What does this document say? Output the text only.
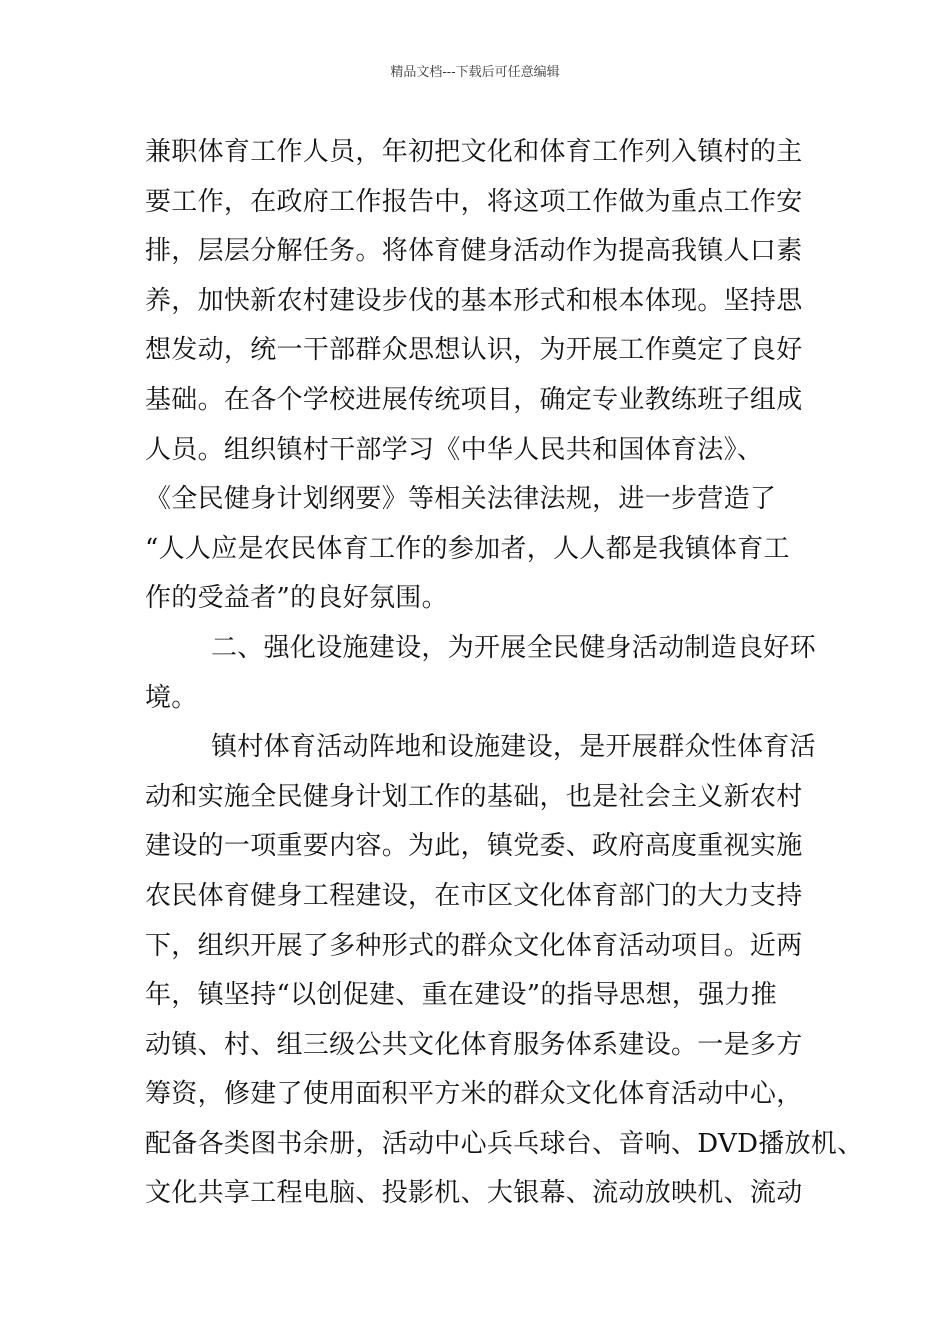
精品文档---下载后可任意编辑
兼职体育工作人员，年初把文化和体育工作列入镇村的主
要工作，在政府工作报告中，将这项工作做为重点工作安
排，层层分解任务。将体育健身活动作为提高我镇人口素
养，加快新农村建设步伐的基本形式和根本体现。坚持思
想发动，统一干部群众思想认识，为开展工作奠定了良好
基础。在各个学校进展传统项目，确定专业教练班子组成
人员。组织镇村干部学习《中华人民共和国体育法》、
《全民健身计划纲要》等相关法律法规，进一步营造了
“人人应是农民体育工作的参加者，人人都是我镇体育工
作的受益者”的良好氛围。
二、强化设施建设，为开展全民健身活动制造良好环
境。
镇村体育活动阵地和设施建设，是开展群众性体育活
动和实施全民健身计划工作的基础，也是社会主义新农村
建设的一项重要内容。为此，镇党委、政府高度重视实施
农民体育健身工程建设，在市区文化体育部门的大力支持
下，组织开展了多种形式的群众文化体育活动项目。近两
年，镇坚持“以创促建、重在建设”的指导思想，强力推
动镇、村、组三级公共文化体育服务体系建设。一是多方
筹资，修建了使用面积平方米的群众文化体育活动中心，
配备各类图书余册，活动中心兵乓球台、音响、DVD播放机、
文化共享工程电脑、投影机、大银幕、流动放映机、流动
